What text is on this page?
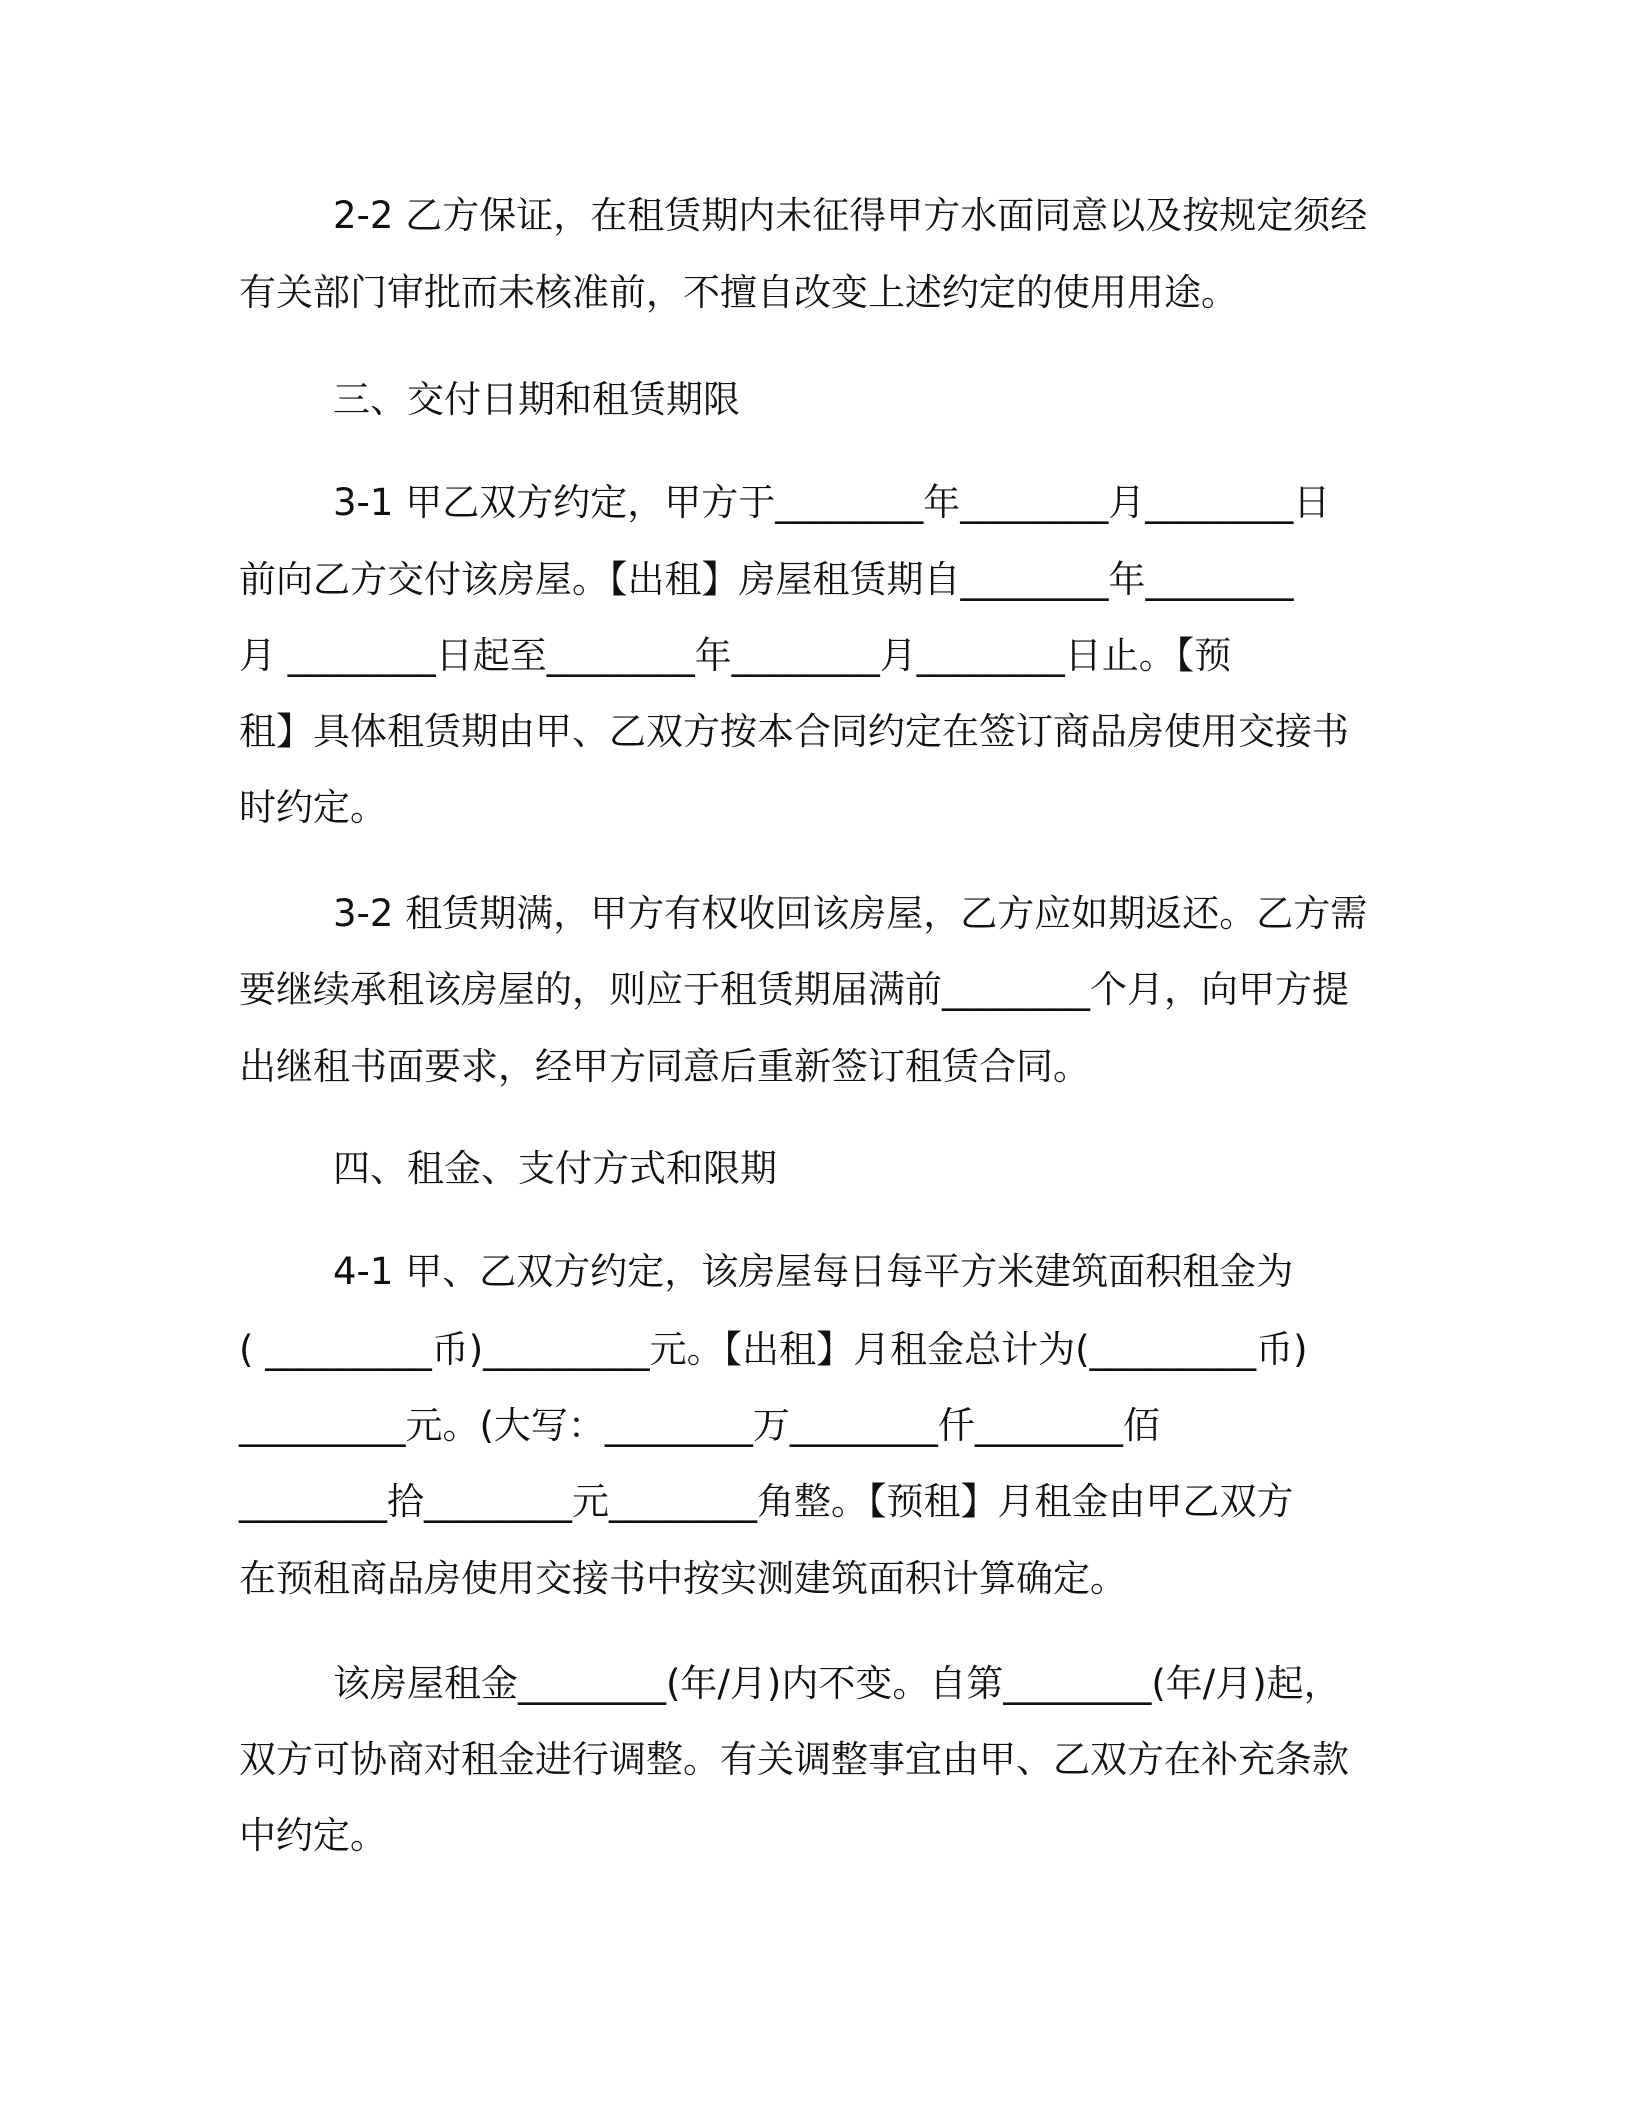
2-2 乙方保证，在租赁期内未征得甲方水面同意以及按规定须经
有关部门审批而未核准前，不擅自改变上述约定的使用用途。
三、交付日期和租赁期限
3-1 甲乙双方约定，甲方于________年________月________日
前向乙方交付该房屋。【出租】房屋租赁期自________年________
月 ________日起至________年________月________日止。【预
租】具体租赁期由甲、乙双方按本合同约定在签订商品房使用交接书
时约定。
3-2 租赁期满，甲方有权收回该房屋，乙方应如期返还。乙方需
要继续承租该房屋的，则应于租赁期届满前________个月，向甲方提
出继租书面要求，经甲方同意后重新签订租赁合同。
四、租金、支付方式和限期
4-1 甲、乙双方约定，该房屋每日每平方米建筑面积租金为
( _________币)_________元。【出租】月租金总计为(_________币)
_________元。(大写：________万________仟________佰
________拾________元________角整。【预租】月租金由甲乙双方
在预租商品房使用交接书中按实测建筑面积计算确定。
该房屋租金________(年/月)内不变。自第________(年/月)起，
双方可协商对租金进行调整。有关调整事宜由甲、乙双方在补充条款
中约定。
